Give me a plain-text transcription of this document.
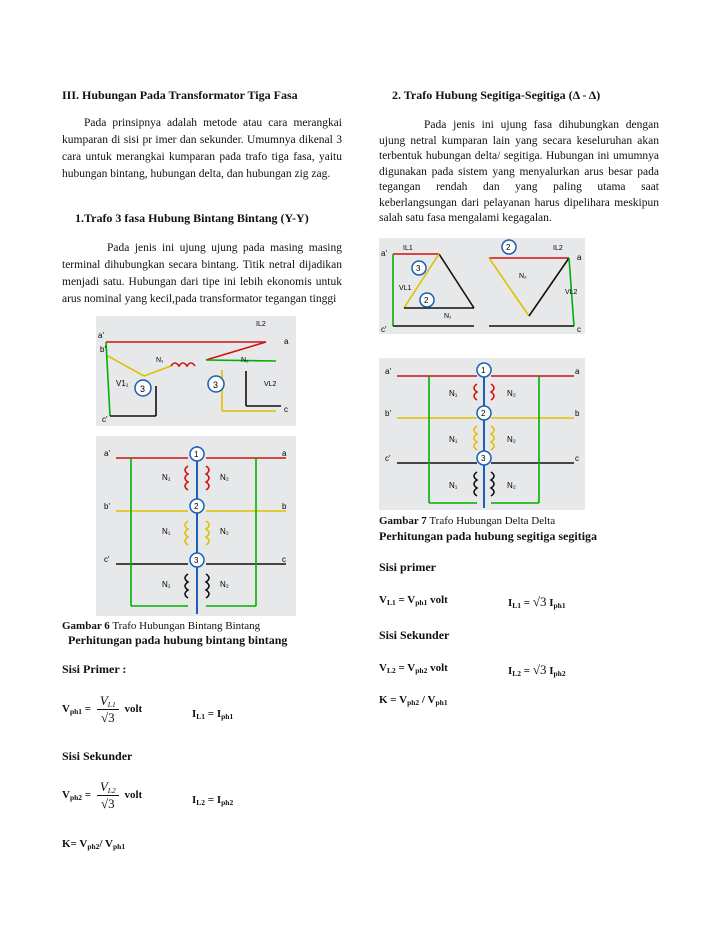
III. Hubungan Pada Transformator Tiga Fasa
Pada prinsipnya adalah metode atau cara merangkai kumparan di sisi pr imer dan sekunder. Umumnya dikenal 3 cara untuk merangkai kumparan pada trafo tiga fasa, yaitu hubungan bintang, hubungan delta, dan hubungan zig zag.
1.Trafo 3 fasa Hubung Bintang Bintang (Y-Y)
Pada jenis ini ujung ujung pada masing masing terminal dihubungkan secara bintang. Titik netral dijadikan menjadi satu. Hubungan dari tipe ini lebih ekonomis untuk arus nominal yang kecil,pada transformator tegangan tinggi
3	3
a'
b'
c'
a
c
V1₁
N₁	N₂
IL2
VL2
1
2
3
a'
b'
c'
a
b
c
N₁	N₂
N₁	N₂
N₁	N₂
Gambar 6 Trafo Hubungan Bintang Bintang
Perhitungan pada hubung bintang bintang
Sisi Primer :
$V_{ph1} = \frac{V_{L1}}{√3}$ volt	$I_{L1} = I_{ph1}$
Sisi Sekunder
$V_{ph2} = \frac{V_{L2}}{√3}$ volt	$I_{L2} = I_{ph2}$
$K= V_{ph2}/$ $V_{ph1}$
2. Trafo Hubung Segitiga-Segitiga (Δ - Δ)
Pada jenis ini ujung fasa dihubungkan dengan ujung netral kumparan lain yang secara keseluruhan akan terbentuk hubungan delta/ segitiga. Hubungan ini umumnya digunakan pada sistem yang menyalurkan arus besar pada tegangan rendah dan yang paling utama saat keberlangsungan dari pelayanan harus dipelihara meskipun salah satu fasa mengalami kegagalan.
3
2
2
a'
c'
a
c
VL1
VL2
IL1	IL2
N₁
N₂
1
2
3
a'
b'
c'
a
b
c
N₁	N₂
N₁	N₂
N₁	N₂
Gambar 7 Trafo Hubungan Delta Delta
Perhitungan pada hubung segitiga segitiga
Sisi primer
$V_{L1} = V_{ph1}$ volt	$I_{L1} = √3$ $I_{ph1}$
Sisi Sekunder
$V_{L2} = V_{ph2}$ volt	$I_{L2} = √3$ $I_{ph2}$
$K = V_{ph2} / V_{ph1}$
